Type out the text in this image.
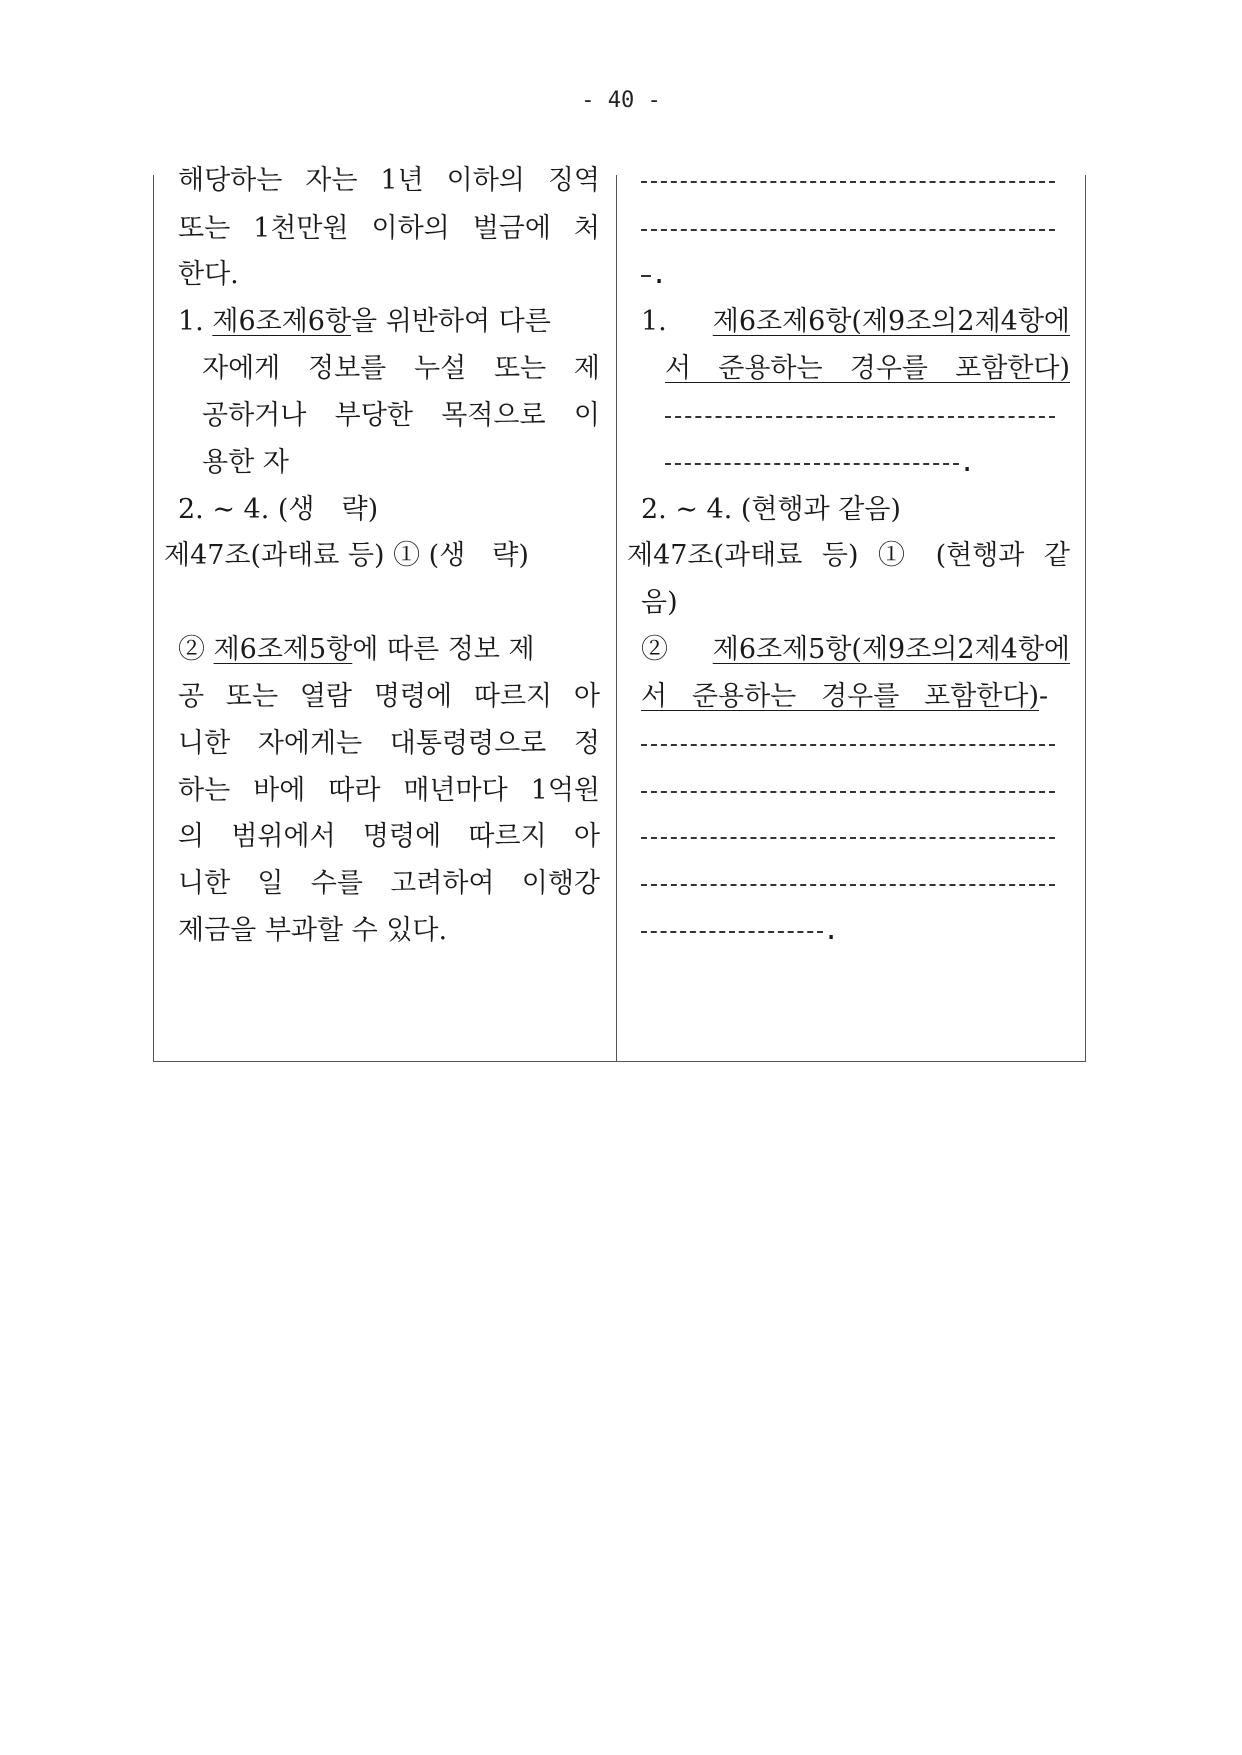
- 40 -
해당하는 자는 1년 이하의 징역
또는 1천만원 이하의 벌금에 처
한다.
1. 제6조제6항을 위반하여 다른
자에게 정보를 누설 또는 제
공하거나 부당한 목적으로 이
용한 자
2. ∼ 4. (생　략)
제47조(과태료 등) ① (생　략)
② 제6조제5항에 따른 정보 제
공 또는 열람 명령에 따르지 아
니한 자에게는 대통령령으로 정
하는 바에 따라 매년마다 1억원
의 범위에서 명령에 따르지 아
니한 일 수를 고려하여 이행강
제금을 부과할 수 있다.
.
1. 제6조제6항(제9조의2제4항에
서 준용하는 경우를 포함한다)
.
2. ∼ 4. (현행과 같음)
제47조(과태료 등) ① (현행과 같
음)
② 제6조제5항(제9조의2제4항에
서 준용하는 경우를 포함한다)-
.
